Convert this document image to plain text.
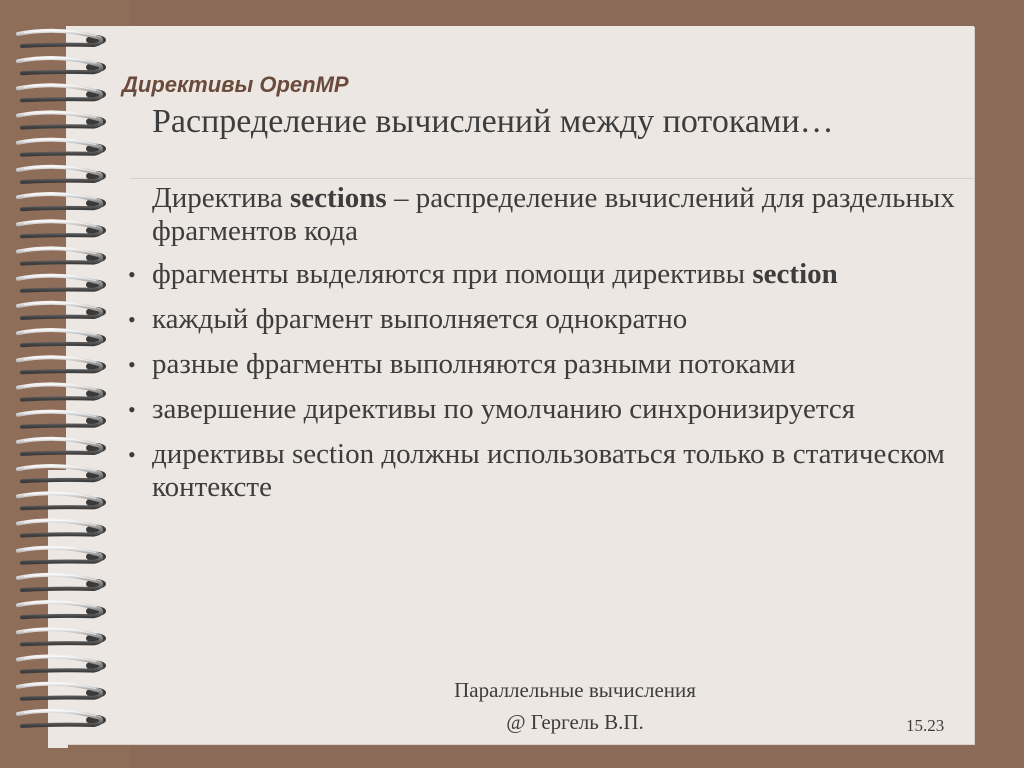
Директивы OpenMP
Распределение вычислений между потоками…
Директива sections – распределение вычислений для раздельных фрагментов кода
• фрагменты выделяются при помощи директивы section
• каждый фрагмент выполняется однократно
• разные фрагменты выполняются разными потоками
• завершение директивы по умолчанию синхронизируется
• директивы section должны использоваться только в статическом контексте
Параллельные вычисления
@ Гергель В.П.	15.23
